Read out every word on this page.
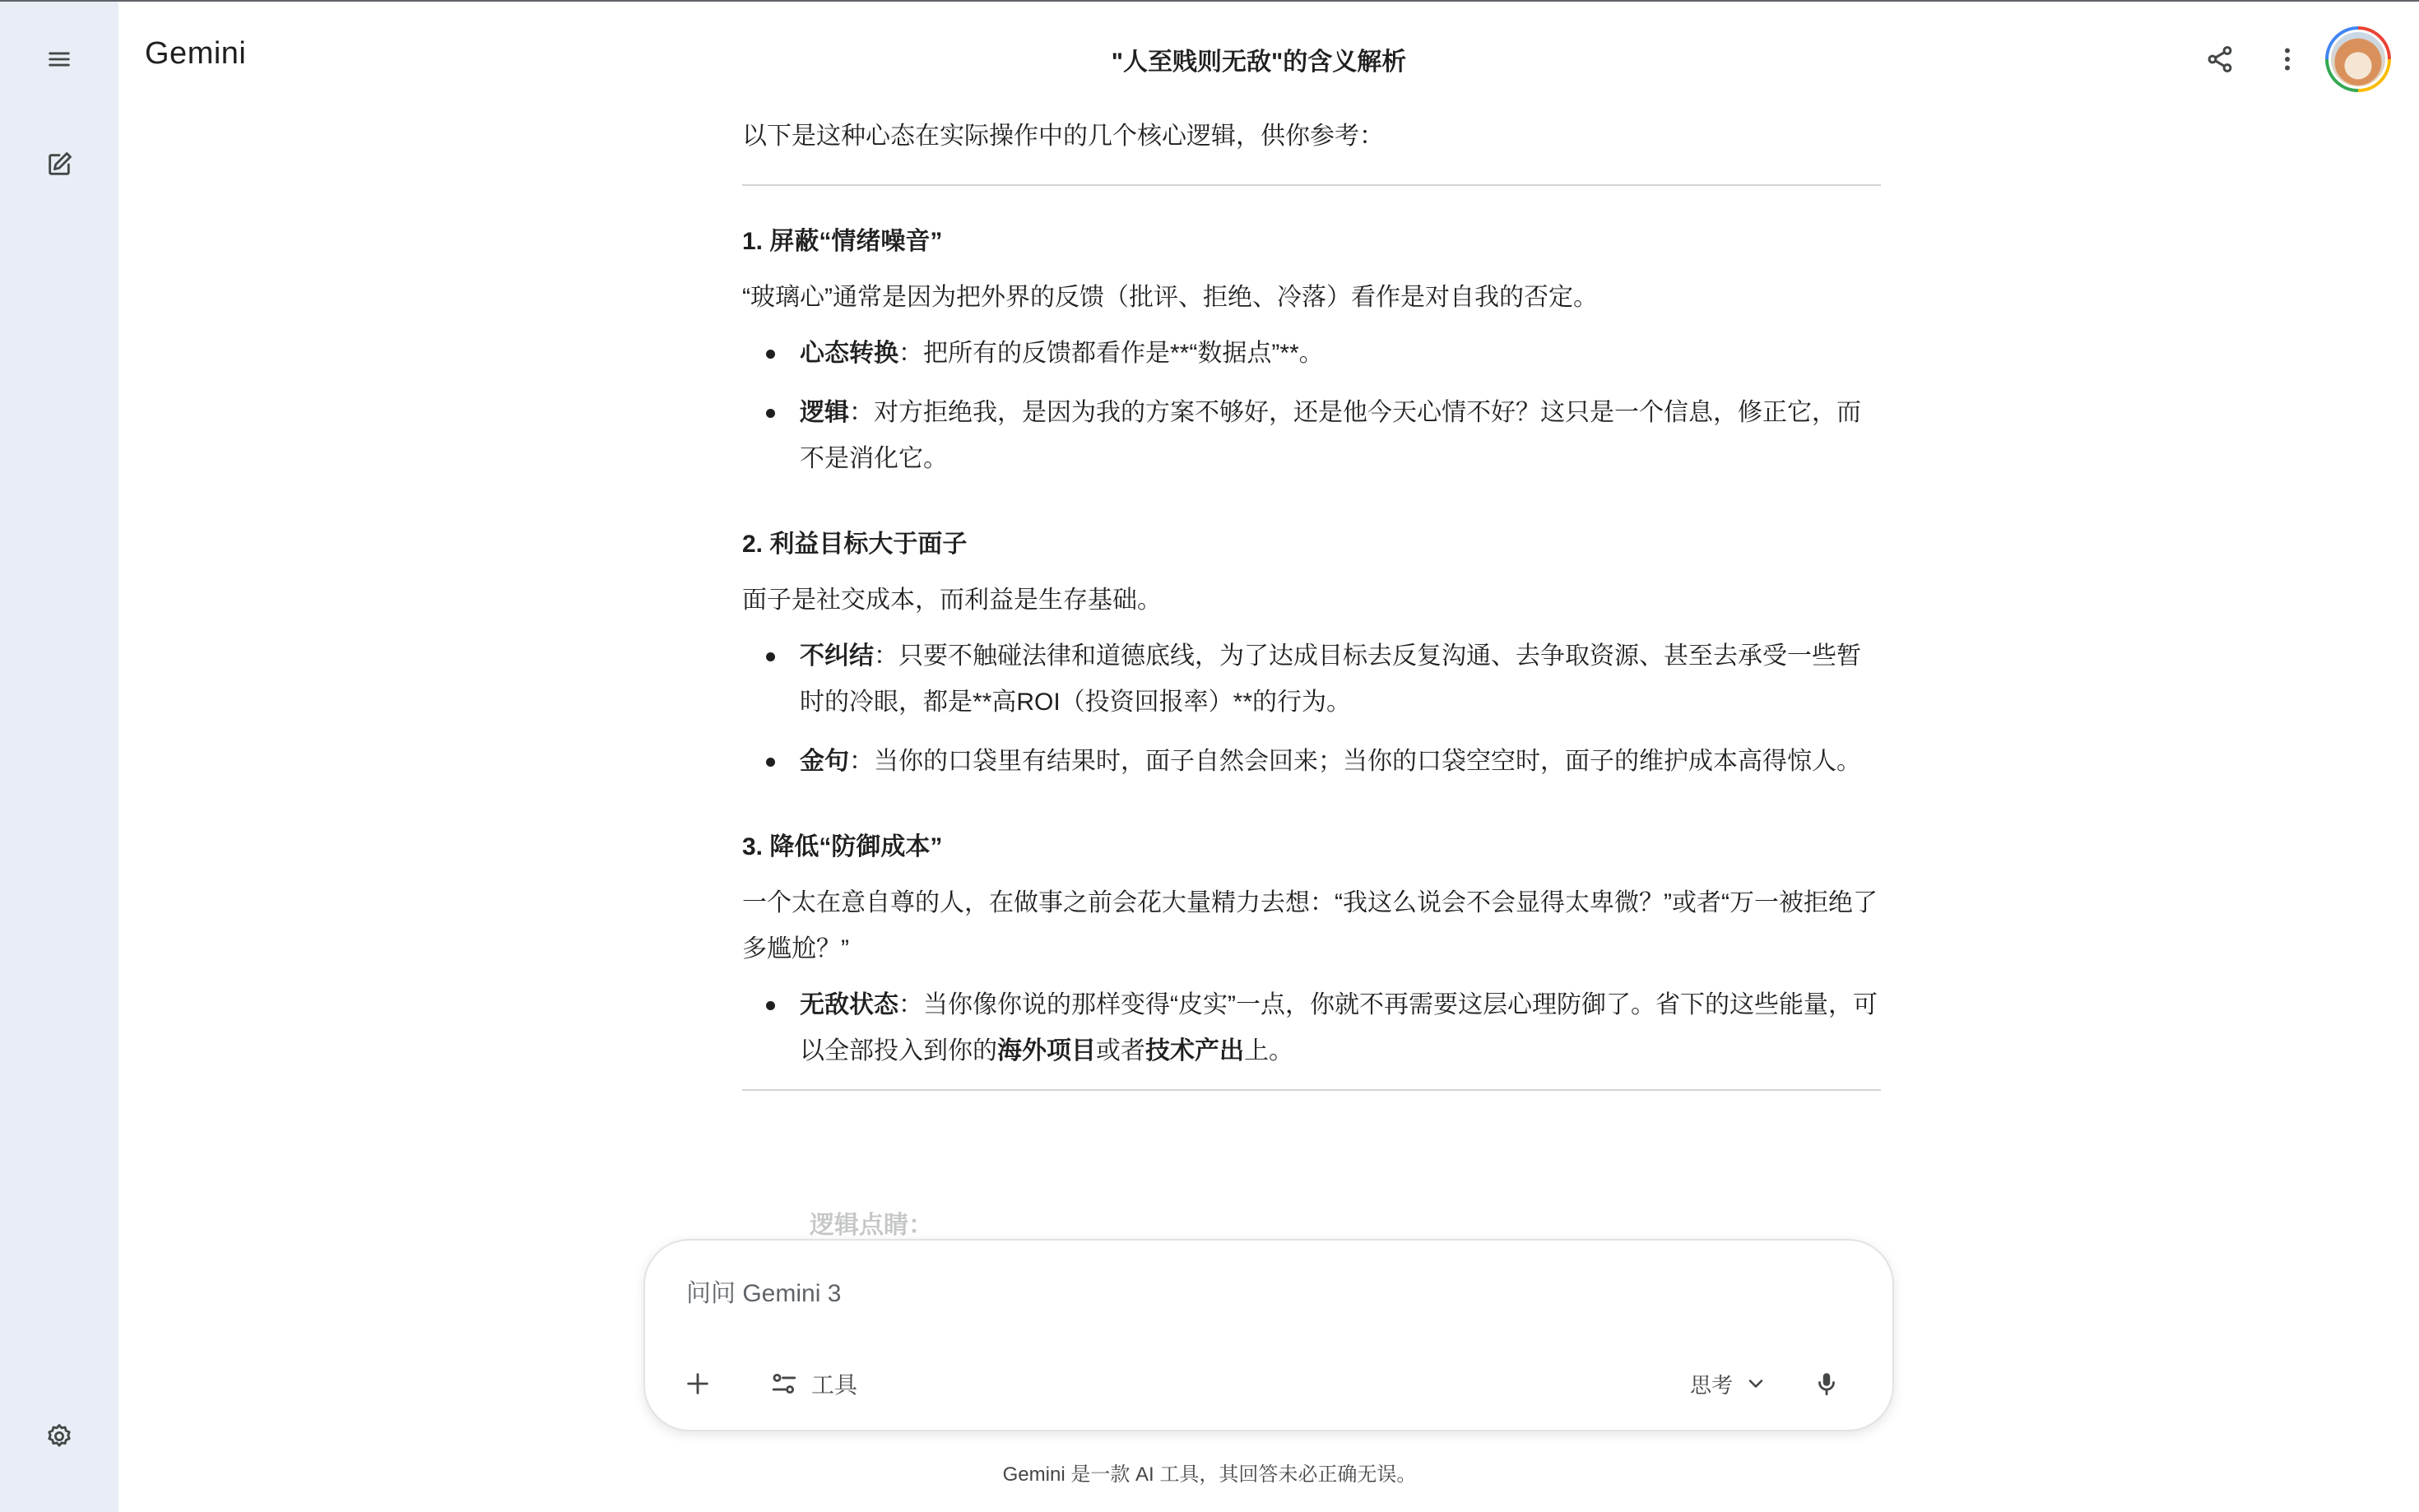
Gemini	"人至贱则无敌"的含义解析

以下是这种心态在实际操作中的几个核心逻辑，供你参考：

1. 屏蔽“情绪噪音”

“玻璃心”通常是因为把外界的反馈（批评、拒绝、冷落）看作是对自我的否定。

心态转换：把所有的反馈都看作是**“数据点”**。
逻辑：对方拒绝我，是因为我的方案不够好，还是他今天心情不好？这只是一个信息，修正它，而不是消化它。

2. 利益目标大于面子

面子是社交成本，而利益是生存基础。

不纠结：只要不触碰法律和道德底线，为了达成目标去反复沟通、去争取资源、甚至去承受一些暂时的冷眼，都是**高ROI（投资回报率）**的行为。
金句：当你的口袋里有结果时，面子自然会回来；当你的口袋空空时，面子的维护成本高得惊人。

3. 降低“防御成本”

一个太在意自尊的人，在做事之前会花大量精力去想：“我这么说会不会显得太卑微？”或者“万一被拒绝了多尴尬？”

无敌状态：当你像你说的那样变得“皮实”一点，你就不再需要这层心理防御了。省下的这些能量，可以全部投入到你的海外项目或者技术产出上。
逻辑点睛：
问问 Gemini 3
工具	思考
Gemini 是一款 AI 工具，其回答未必正确无误。
